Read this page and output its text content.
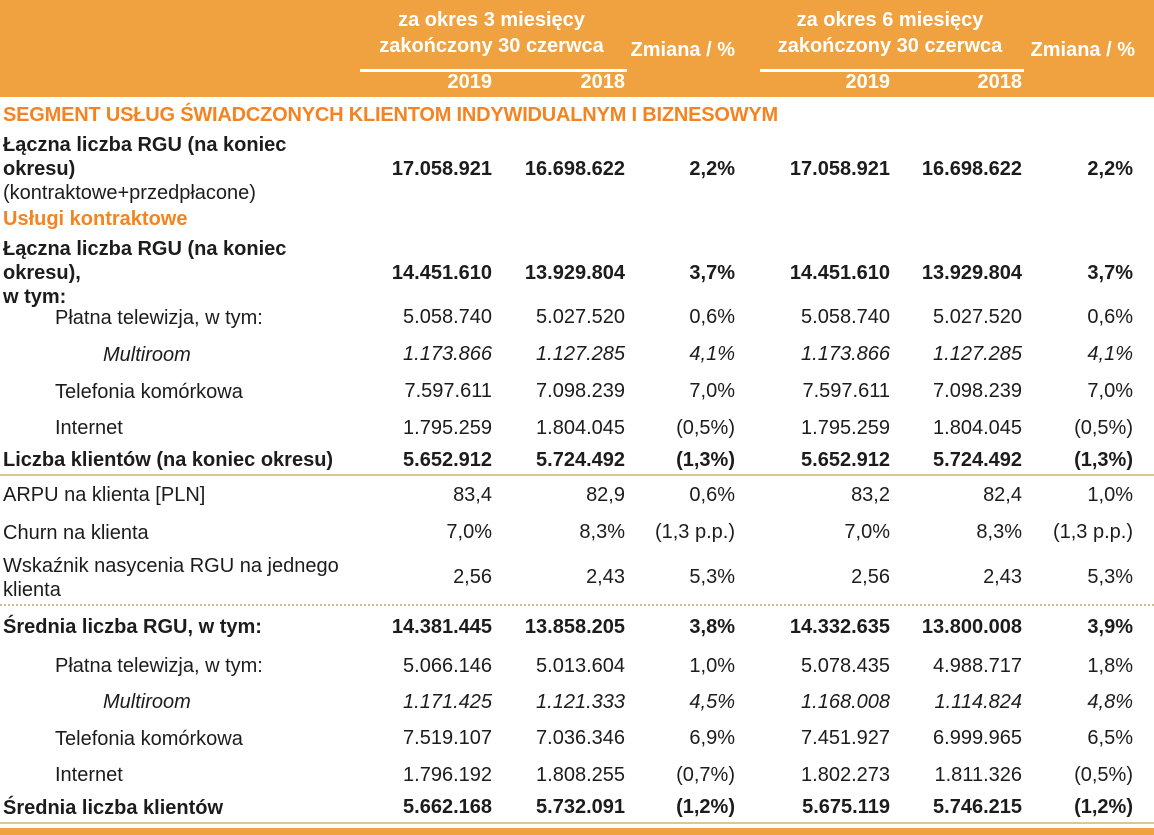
za okres 3 miesięcy
zakończony 30 czerwca
za okres 6 miesięcy
zakończony 30 czerwca
Zmiana / %	Zmiana / %
2019	2018	2019	2018
SEGMENT USŁUG ŚWIADCZONYCH KLIENTOM INDYWIDUALNYM I BIZNESOWYM
Łączna liczba RGU (na koniec okresu)
(kontraktowe+przedpłacone)
17.058.921	16.698.622	2,2%	17.058.921	16.698.622	2,2%
Usługi kontraktowe
Łączna liczba RGU (na koniec okresu),
w tym:
14.451.610	13.929.804	3,7%	14.451.610	13.929.804	3,7%
Płatna telewizja, w tym:	5.058.740	5.027.520	0,6%	5.058.740	5.027.520	0,6%
Multiroom	1.173.866	1.127.285	4,1%	1.173.866	1.127.285	4,1%
Telefonia komórkowa	7.597.611	7.098.239	7,0%	7.597.611	7.098.239	7,0%
Internet	1.795.259	1.804.045	(0,5%)	1.795.259	1.804.045	(0,5%)
Liczba klientów (na koniec okresu)	5.652.912	5.724.492	(1,3%)	5.652.912	5.724.492	(1,3%)
ARPU na klienta [PLN]	83,4	82,9	0,6%	83,2	82,4	1,0%
Churn na klienta	7,0%	8,3%	(1,3 p.p.)	7,0%	8,3%	(1,3 p.p.)
Wskaźnik nasycenia RGU na jednego
klienta
2,56	2,43	5,3%	2,56	2,43	5,3%
Średnia liczba RGU, w tym:	14.381.445	13.858.205	3,8%	14.332.635	13.800.008	3,9%
Płatna telewizja, w tym:	5.066.146	5.013.604	1,0%	5.078.435	4.988.717	1,8%
Multiroom	1.171.425	1.121.333	4,5%	1.168.008	1.114.824	4,8%
Telefonia komórkowa	7.519.107	7.036.346	6,9%	7.451.927	6.999.965	6,5%
Internet	1.796.192	1.808.255	(0,7%)	1.802.273	1.811.326	(0,5%)
Średnia liczba klientów	5.662.168	5.732.091	(1,2%)	5.675.119	5.746.215	(1,2%)
